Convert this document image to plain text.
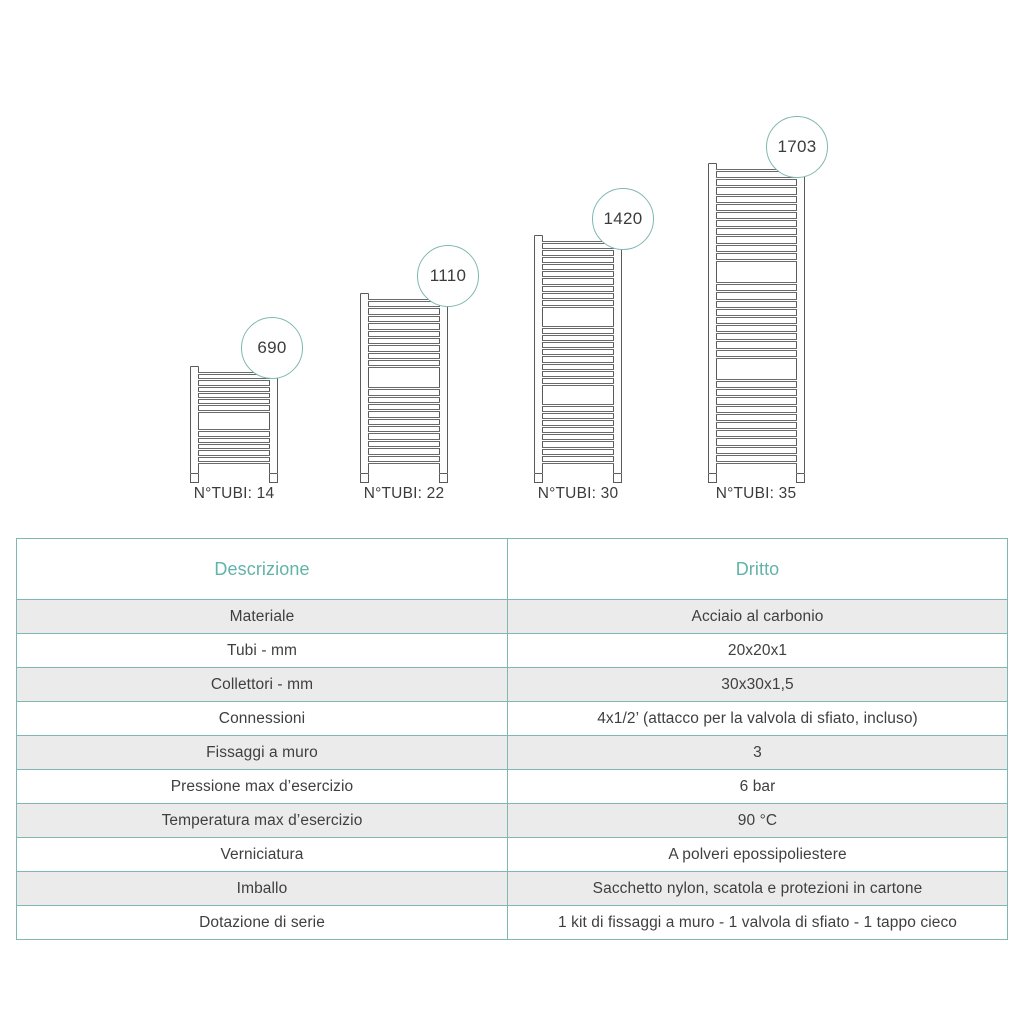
690
N°TUBI: 14
1110
N°TUBI: 22
1420
N°TUBI: 30
1703
N°TUBI: 35
Descrizione	Dritto
Materiale	Acciaio al carbonio
Tubi - mm	20x20x1
Collettori - mm	30x30x1,5
Connessioni	4x1/2’ (attacco per la valvola di sfiato, incluso)
Fissaggi a muro	3
Pressione max d’esercizio	6 bar
Temperatura max d’esercizio	90 °C
Verniciatura	A polveri epossipoliestere
Imballo	Sacchetto nylon, scatola e protezioni in cartone
Dotazione di serie	1 kit di fissaggi a muro - 1 valvola di sfiato - 1 tappo cieco
